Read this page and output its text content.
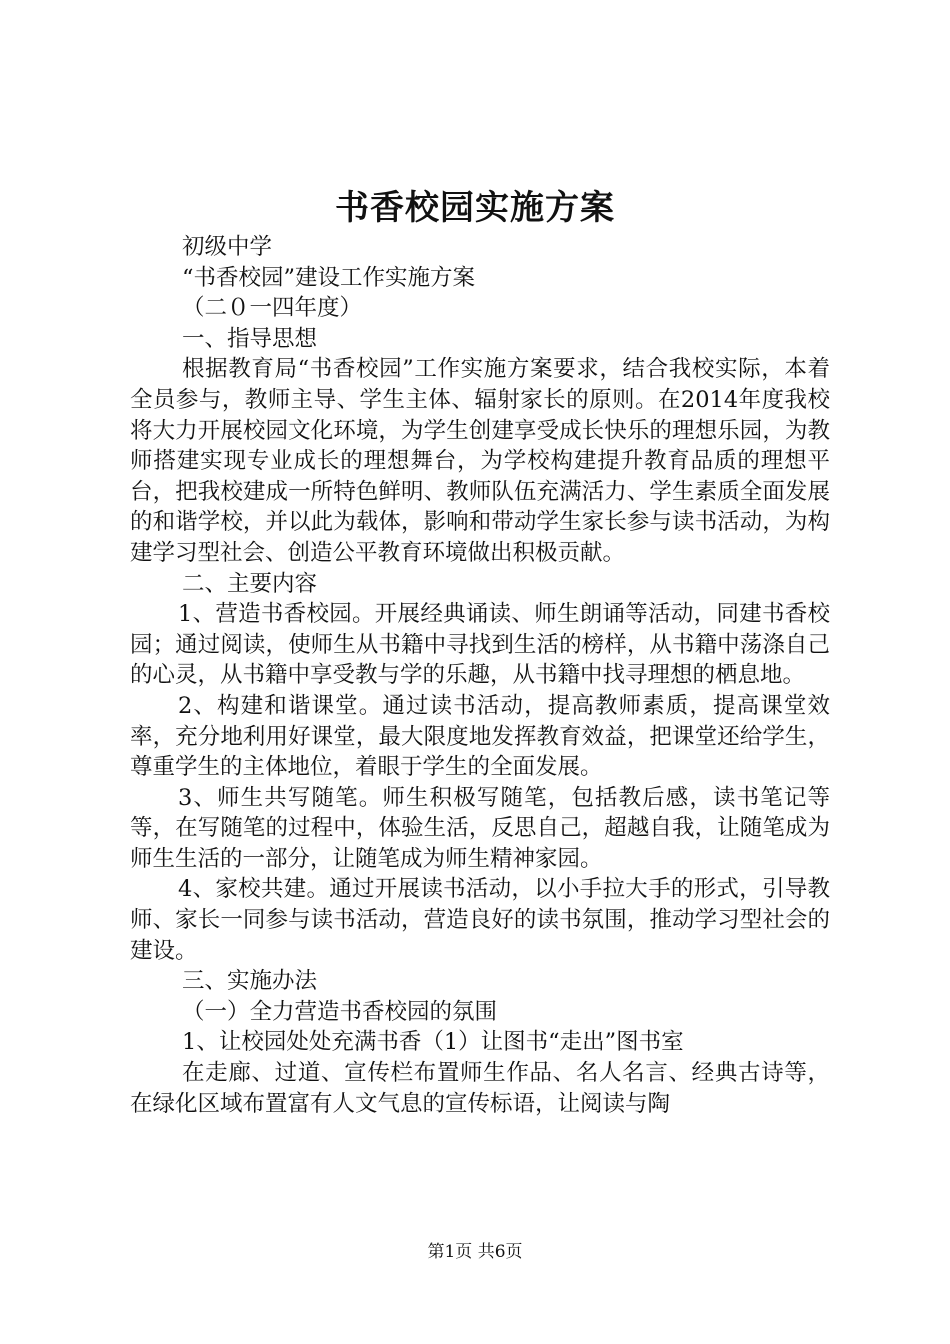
书香校园实施方案

初级中学

“书香校园”建设工作实施方案

（二０一四年度）

一、指导思想

根据教育局“书香校园”工作实施方案要求，结合我校实际，本着全员参与，教师主导、学生主体、辐射家长的原则。在2014年度我校将大力开展校园文化环境，为学生创建享受成长快乐的理想乐园，为教师搭建实现专业成长的理想舞台，为学校构建提升教育品质的理想平台，把我校建成一所特色鲜明、教师队伍充满活力、学生素质全面发展的和谐学校，并以此为载体，影响和带动学生家长参与读书活动，为构建学习型社会、创造公平教育环境做出积极贡献。

二、主要内容

1、营造书香校园。开展经典诵读、师生朗诵等活动，同建书香校园；通过阅读，使师生从书籍中寻找到生活的榜样，从书籍中荡涤自己的心灵，从书籍中享受教与学的乐趣，从书籍中找寻理想的栖息地。

2、构建和谐课堂。通过读书活动，提高教师素质，提高课堂效率，充分地利用好课堂，最大限度地发挥教育效益，把课堂还给学生，尊重学生的主体地位，着眼于学生的全面发展。

3、师生共写随笔。师生积极写随笔，包括教后感，读书笔记等等，在写随笔的过程中，体验生活，反思自己，超越自我，让随笔成为师生生活的一部分，让随笔成为师生精神家园。

4、家校共建。通过开展读书活动，以小手拉大手的形式，引导教师、家长一同参与读书活动，营造良好的读书氛围，推动学习型社会的建设。

三、实施办法

（一）全力营造书香校园的氛围

1、让校园处处充满书香（1）让图书“走出”图书室

在走廊、过道、宣传栏布置师生作品、名人名言、经典古诗等，在绿化区域布置富有人文气息的宣传标语，让阅读与陶

第1页 共6页
